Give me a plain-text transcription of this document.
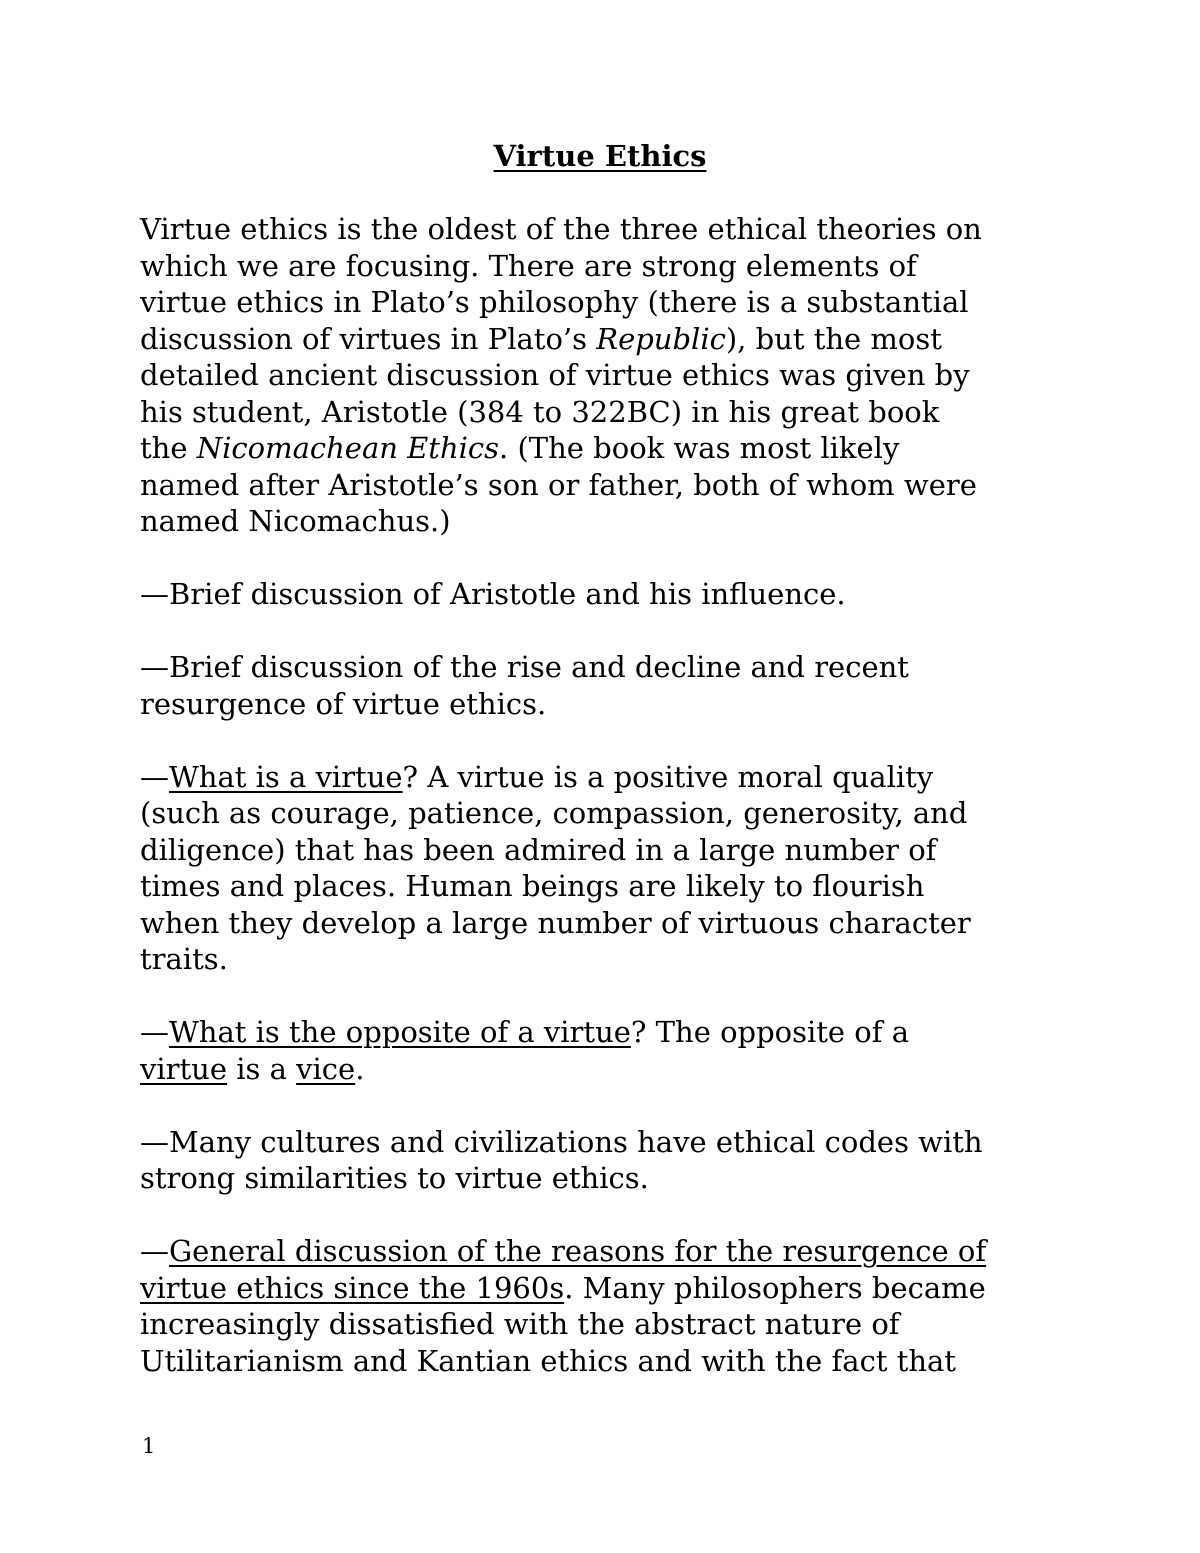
Virtue Ethics

Virtue ethics is the oldest of the three ethical theories on
which we are focusing. There are strong elements of
virtue ethics in Plato’s philosophy (there is a substantial
discussion of virtues in Plato’s Republic), but the most
detailed ancient discussion of virtue ethics was given by
his student, Aristotle (384 to 322BC) in his great book
the Nicomachean Ethics. (The book was most likely
named after Aristotle’s son or father, both of whom were
named Nicomachus.)

—Brief discussion of Aristotle and his influence.

—Brief discussion of the rise and decline and recent
resurgence of virtue ethics.

—What is a virtue? A virtue is a positive moral quality
(such as courage, patience, compassion, generosity, and
diligence) that has been admired in a large number of
times and places. Human beings are likely to flourish
when they develop a large number of virtuous character
traits.

—What is the opposite of a virtue? The opposite of a
virtue is a vice.

—Many cultures and civilizations have ethical codes with
strong similarities to virtue ethics.

—General discussion of the reasons for the resurgence of
virtue ethics since the 1960s. Many philosophers became
increasingly dissatisfied with the abstract nature of
Utilitarianism and Kantian ethics and with the fact that

1
